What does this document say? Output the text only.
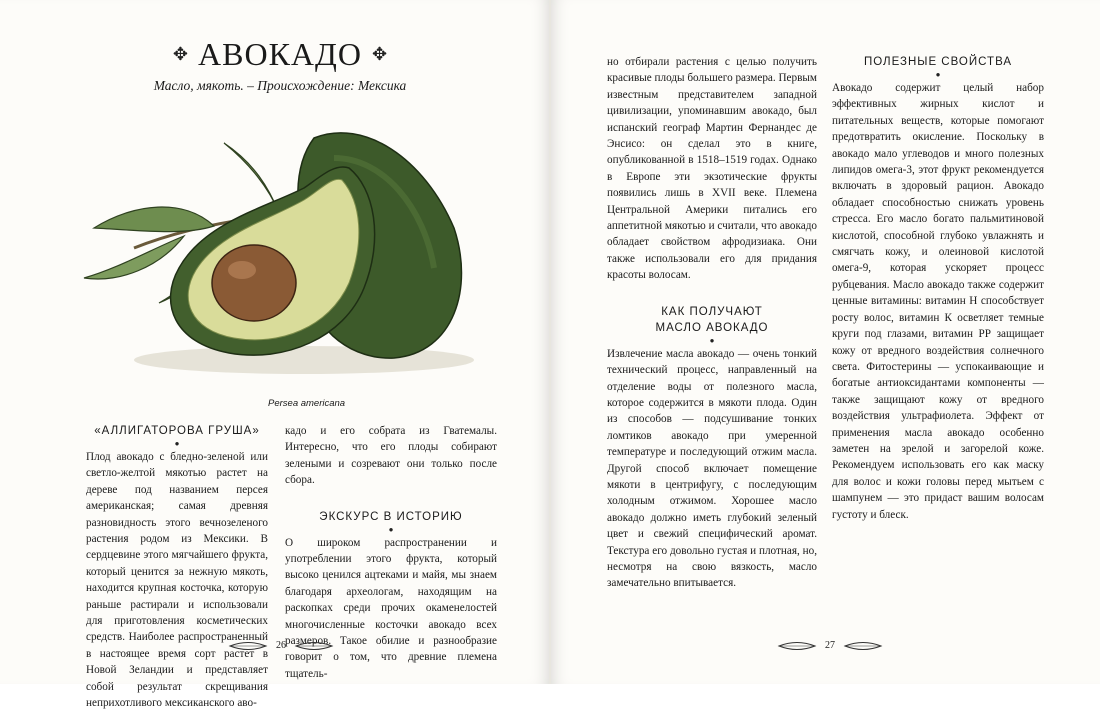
✥ АВОКАДО ✥
Масло, мякоть. – Происхождение: Мексика
Persea americana
«АЛЛИГАТОРОВА ГРУША»
●

Плод авокадо с бледно-зеленой или светло-желтой мякотью растет на дереве под названием персея американская; самая древняя разновидность этого вечнозеленого растения родом из Мексики. В сердцевине этого мягчайшего фрукта, который ценится за нежную мякоть, находится крупная косточка, которую раньше растирали и использовали для приготовления косметических средств. Наиболее распространенный в настоящее время сорт растет в Новой Зеландии и представляет собой результат скрещивания неприхотливого мексиканского аво-

кадо и его собрата из Гватемалы. Интересно, что его плоды собирают зелеными и созревают они только после сбора.

ЭКСКУРС В ИСТОРИЮ
●

О широком распространении и употреблении этого фрукта, который высоко ценился ацтеками и майя, мы знаем благодаря археологам, находящим на раскопках среди прочих окаменелостей многочисленные косточки авокадо всех размеров. Такое обилие и разнообразие говорит о том, что древние племена тщатель-

26

но отбирали растения с целью получить красивые плоды большего размера. Первым известным представителем западной цивилизации, упоминавшим авокадо, был испанский географ Мартин Фернандес де Энсисо: он сделал это в книге, опубликованной в 1518–1519 годах. Однако в Европе эти экзотические фрукты появились лишь в XVII веке. Племена Центральной Америки питались его аппетитной мякотью и считали, что авокадо обладает свойством афродизиака. Они также использовали его для придания красоты волосам.

КАК ПОЛУЧАЮТ
МАСЛО АВОКАДО
●

Извлечение масла авокадо — очень тонкий технический процесс, направленный на отделение воды от полезного масла, которое содержится в мякоти плода. Один из способов — подсушивание тонких ломтиков авокадо при умеренной температуре и последующий отжим масла. Другой способ включает помещение мякоти в центрифугу, с последующим холодным отжимом. Хорошее масло авокадо должно иметь глубокий зеленый цвет и свежий специфический аромат. Текстура его довольно густая и плотная, но, несмотря на свою вязкость, масло замечательно впитывается.

ПОЛЕЗНЫЕ СВОЙСТВА
●

Авокадо содержит целый набор эффективных жирных кислот и питательных веществ, которые помогают предотвратить окисление. Поскольку в авокадо мало углеводов и много полезных липидов омега-3, этот фрукт рекомендуется включать в здоровый рацион. Авокадо обладает способностью снижать уровень стресса. Его масло богато пальмитиновой кислотой, способной глубоко увлажнять и смягчать кожу, и олеиновой кислотой омега-9, которая ускоряет процесс рубцевания. Масло авокадо также содержит ценные витамины: витамин Н способствует росту волос, витамин К осветляет темные круги под глазами, витамин РР защищает кожу от вредного воздействия солнечного света. Фитостерины — успокаивающие и богатые антиоксидантами компоненты — также защищают кожу от вредного воздействия ультрафиолета. Эффект от применения масла авокадо особенно заметен на зрелой и загорелой коже. Рекомендуем использовать его как маску для волос и кожи головы перед мытьем с шампунем — это придаст вашим волосам густоту и блеск.

27
